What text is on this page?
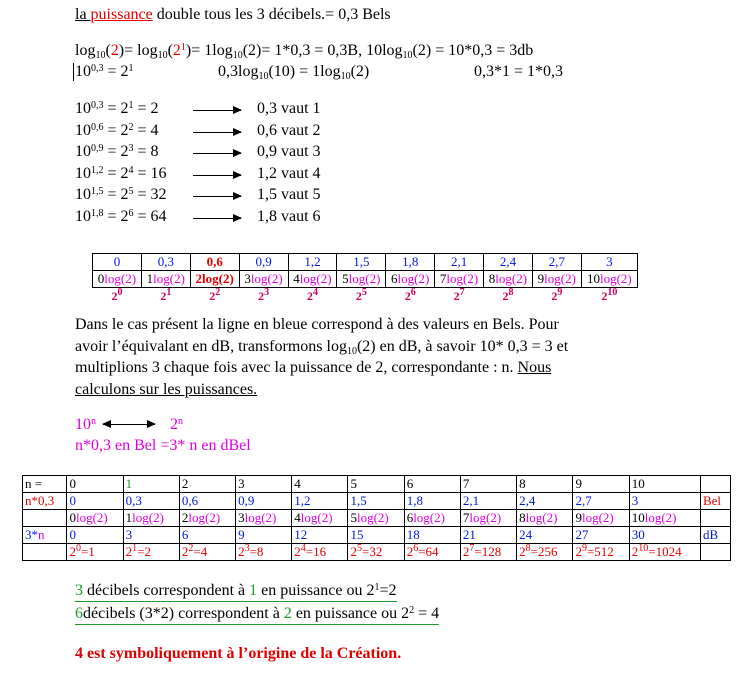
la puissance double tous les 3 décibels.= 0,3 Bels
$\log_{10}(2)= \log_{10}(2^1)= 1\log_{10}(2)= 1*0,3 = 0,3B$, $10\log_{10}(2) = 10*0,3 = 3db$
$10^{0,3} = 2^1$	$0,3\log_{10}(10) = 1\log_{10}(2)$	0,3*1 = 1*0,3
$10^{0,3} = 2^1 = 2$	0,3 vaut 1
$10^{0,6} = 2^2 = 4$	0,6 vaut 2
$10^{0,9} = 2^3 = 8$	0,9 vaut 3
$10^{1,2} = 2^4 = 16$	1,2 vaut 4
$10^{1,5} = 2^5 = 32$	1,5 vaut 5
$10^{1,8} = 2^6 = 64$	1,8 vaut 6
0	0,3	0,6	0,9	1,2	1,5	1,8	2,1	2,4	2,7	3
0log(2)	1log(2)	2log(2)	3log(2)	4log(2)	5log(2)	6log(2)	7log(2)	8log(2)	9log(2)	10log(2)
$2^0$	$2^1$	$2^2$	$2^3$	$2^4$	$2^5$	$2^6$	$2^7$	$2^8$	$2^9$	$2^{10}$
Dans le cas présent la ligne en bleue correspond à des valeurs en Bels. Pour
avoir l’équivalant en dB, transformons $\log_{10}(2)$ en dB, à savoir 10* 0,3 = 3 et
multiplions 3 chaque fois avec la puissance de 2, correspondante : n. Nous
calculons sur les puissances.
10$^n$	2$^n$
n*0,3 en Bel =3* n en dBel
n =	0	1	2	3	4	5	6	7	8	9	10	
n*0,3	0	0,3	0,6	0,9	1,2	1,5	1,8	2,1	2,4	2,7	3	Bel
	0log(2)	1log(2)	2log(2)	3log(2)	4log(2)	5log(2)	6log(2)	7log(2)	8log(2)	9log(2)	10log(2)	
3*n	0	3	6	9	12	15	18	21	24	27	30	dB
	$2^0=1$	$2^1=2$	$2^2=4$	$2^3=8$	$2^4=16$	$2^5=32$	$2^6=64$	$2^7=128$	$2^8=256$	$2^9=512$	$2^{10}=1024$	
3 décibels correspondent à 1 en puissance ou $2^1=2$
6décibels (3*2) correspondent à 2 en puissance ou $2^2 = 4$
4 est symboliquement à l’origine de la Création.
